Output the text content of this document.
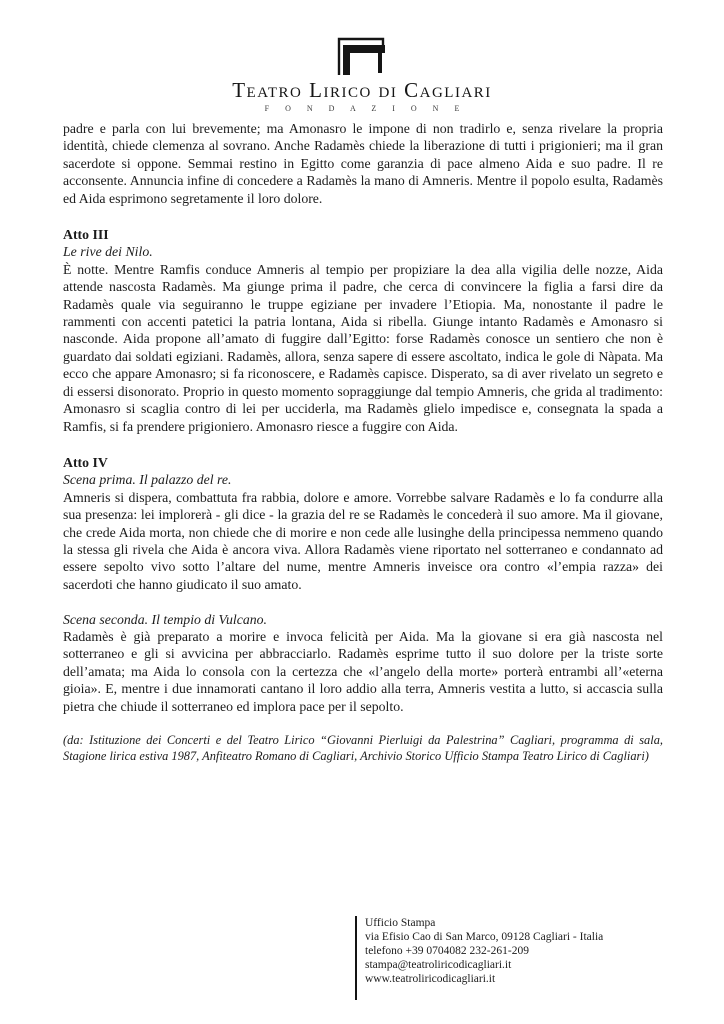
Teatro Lirico di Cagliari
F O N D A Z I O N E

padre e parla con lui brevemente; ma Amonasro le impone di non tradirlo e, senza rivelare la propria identità, chiede clemenza al sovrano. Anche Radamès chiede la liberazione di tutti i prigionieri; ma il gran sacerdote si oppone. Semmai restino in Egitto come garanzia di pace almeno Aida e suo padre. Il re acconsente. Annuncia infine di concedere a Radamès la mano di Amneris. Mentre il popolo esulta, Radamès ed Aida esprimono segretamente il loro dolore.

Atto III
Le rive dei Nilo.

È notte. Mentre Ramfis conduce Amneris al tempio per propiziare la dea alla vigilia delle nozze, Aida attende nascosta Radamès. Ma giunge prima il padre, che cerca di convincere la figlia a farsi dire da Radamès quale via seguiranno le truppe egiziane per invadere l’Etiopia. Ma, nonostante il padre le rammenti con accenti patetici la patria lontana, Aida si ribella. Giunge intanto Radamès e Amonasro si nasconde. Aida propone all’amato di fuggire dall’Egitto: forse Radamès conosce un sentiero che non è guardato dai soldati egiziani. Radamès, allora, senza sapere di essere ascoltato, indica le gole di Nàpata. Ma ecco che appare Amonasro; si fa riconoscere, e Radamès capisce. Disperato, sa di aver rivelato un segreto e di essersi disonorato. Proprio in questo momento sopraggiunge dal tempio Amneris, che grida al tradimento: Amonasro si scaglia contro di lei per ucciderla, ma Radamès glielo impedisce e, consegnata la spada a Ramfis, si fa prendere prigioniero. Amonasro riesce a fuggire con Aida.

Atto IV
Scena prima. Il palazzo del re.

Amneris si dispera, combattuta fra rabbia, dolore e amore. Vorrebbe salvare Radamès e lo fa condurre alla sua presenza: lei implorerà - gli dice - la grazia del re se Radamès le concederà il suo amore. Ma il giovane, che crede Aida morta, non chiede che di morire e non cede alle lusinghe della principessa nemmeno quando la stessa gli rivela che Aida è ancora viva. Allora Radamès viene riportato nel sotterraneo e condannato ad essere sepolto vivo sotto l’altare del nume, mentre Amneris inveisce ora contro «l’empia razza» dei sacerdoti che hanno giudicato il suo amato.

Scena seconda. Il tempio di Vulcano.

Radamès è già preparato a morire e invoca felicità per Aida. Ma la giovane si era già nascosta nel sotterraneo e gli si avvicina per abbracciarlo. Radamès esprime tutto il suo dolore per la triste sorte dell’amata; ma Aida lo consola con la certezza che «l’angelo della morte» porterà entrambi all’«eterna gioia». E, mentre i due innamorati cantano il loro addio alla terra, Amneris vestita a lutto, si accascia sulla pietra che chiude il sotterraneo ed implora pace per il sepolto.

(da: Istituzione dei Concerti e del Teatro Lirico “Giovanni Pierluigi da Palestrina” Cagliari, programma di sala, Stagione lirica estiva 1987, Anfiteatro Romano di Cagliari, Archivio Storico Ufficio Stampa Teatro Lirico di Cagliari)

Ufficio Stampa
via Efisio Cao di San Marco, 09128 Cagliari - Italia
telefono +39 0704082 232-261-209
stampa@teatroliricodicagliari.it
www.teatroliricodicagliari.it
